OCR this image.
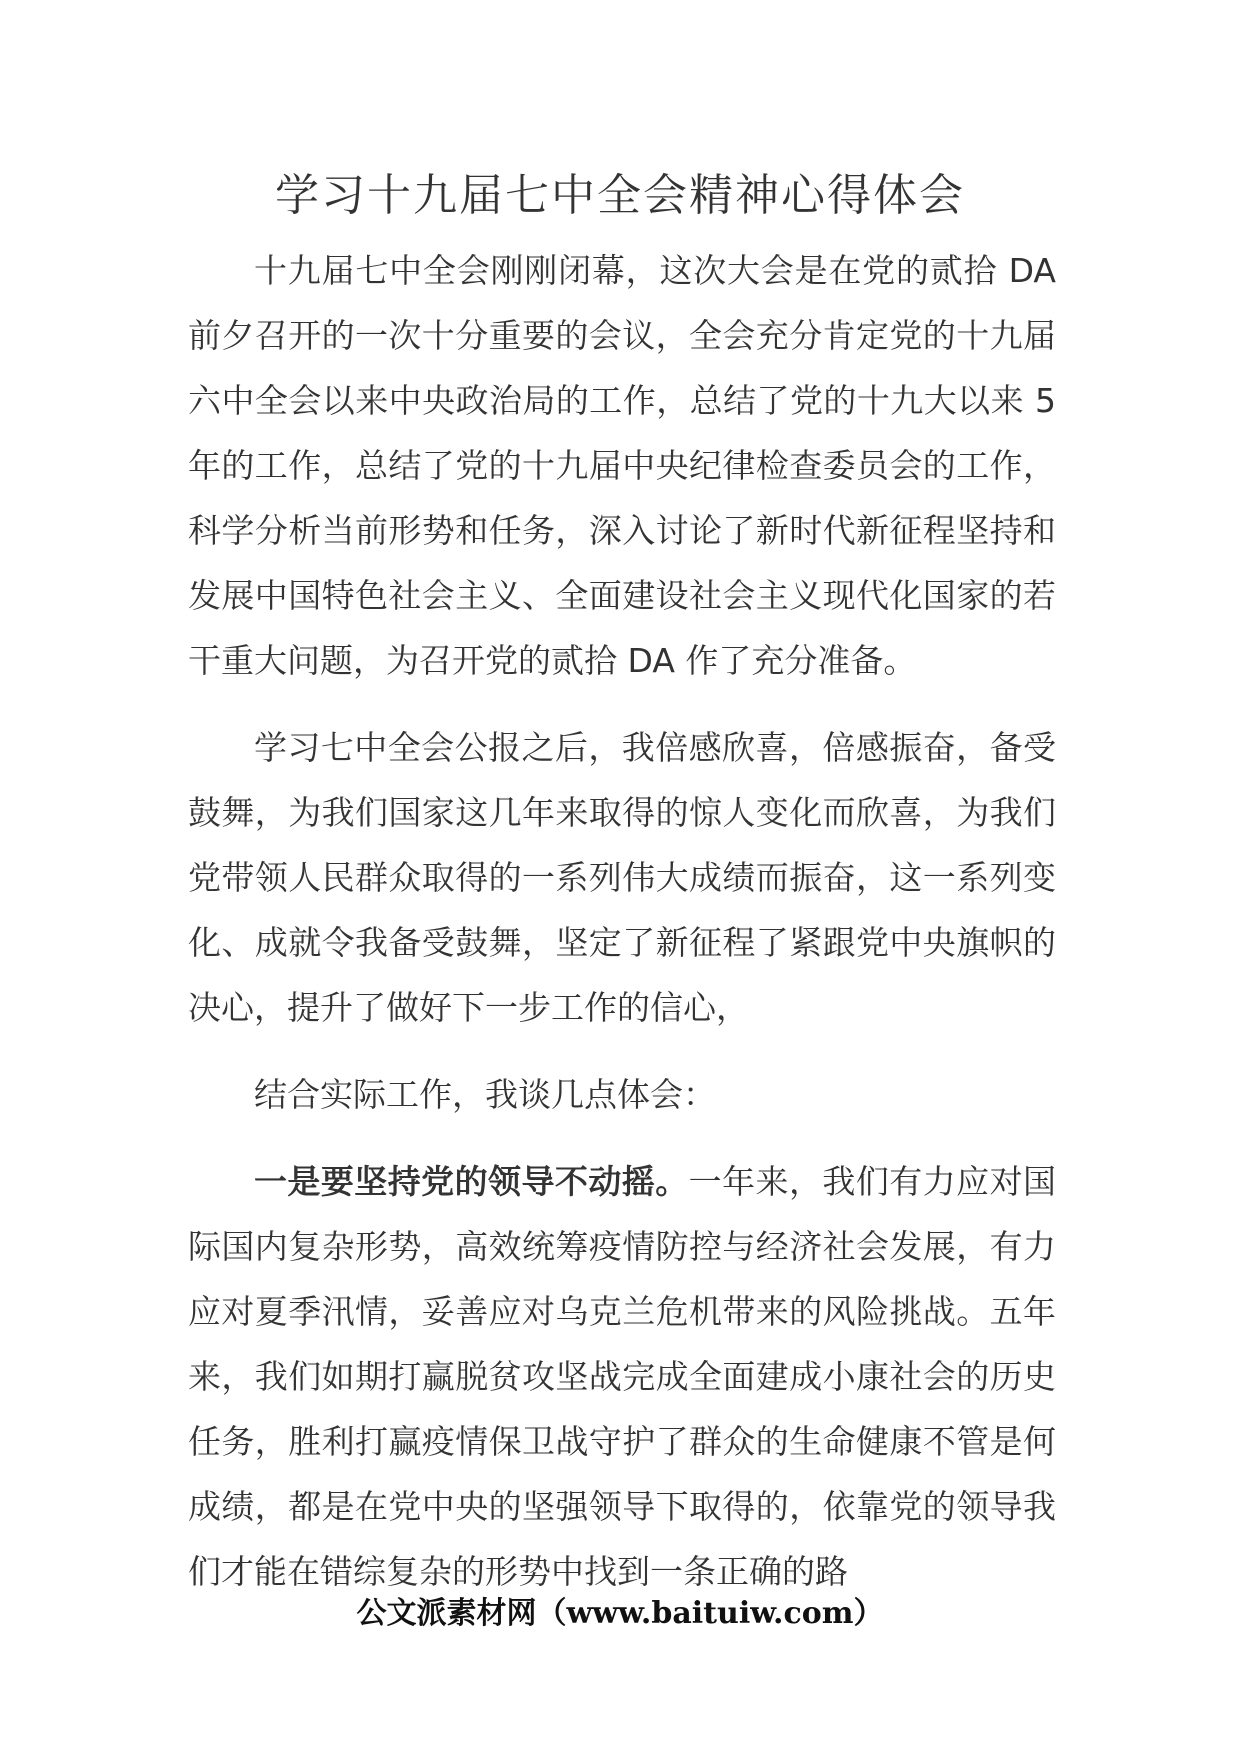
学习十九届七中全会精神心得体会

十九届七中全会刚刚闭幕，这次大会是在党的贰拾 DA 前夕召开的一次十分重要的会议，全会充分肯定党的十九届六中全会以来中央政治局的工作，总结了党的十九大以来 5 年的工作，总结了党的十九届中央纪律检查委员会的工作，科学分析当前形势和任务，深入讨论了新时代新征程坚持和发展中国特色社会主义、全面建设社会主义现代化国家的若干重大问题，为召开党的贰拾 DA 作了充分准备。

学习七中全会公报之后，我倍感欣喜，倍感振奋，备受鼓舞，为我们国家这几年来取得的惊人变化而欣喜，为我们党带领人民群众取得的一系列伟大成绩而振奋，这一系列变化、成就令我备受鼓舞，坚定了新征程了紧跟党中央旗帜的决心，提升了做好下一步工作的信心，

结合实际工作，我谈几点体会：

一是要坚持党的领导不动摇。一年来，我们有力应对国际国内复杂形势，高效统筹疫情防控与经济社会发展，有力应对夏季汛情，妥善应对乌克兰危机带来的风险挑战。五年来，我们如期打赢脱贫攻坚战完成全面建成小康社会的历史任务，胜利打赢疫情保卫战守护了群众的生命健康不管是何成绩，都是在党中央的坚强领导下取得的，依靠党的领导我们才能在错综复杂的形势中找到一条正确的路

公文派素材网（www.baituiw.com）
